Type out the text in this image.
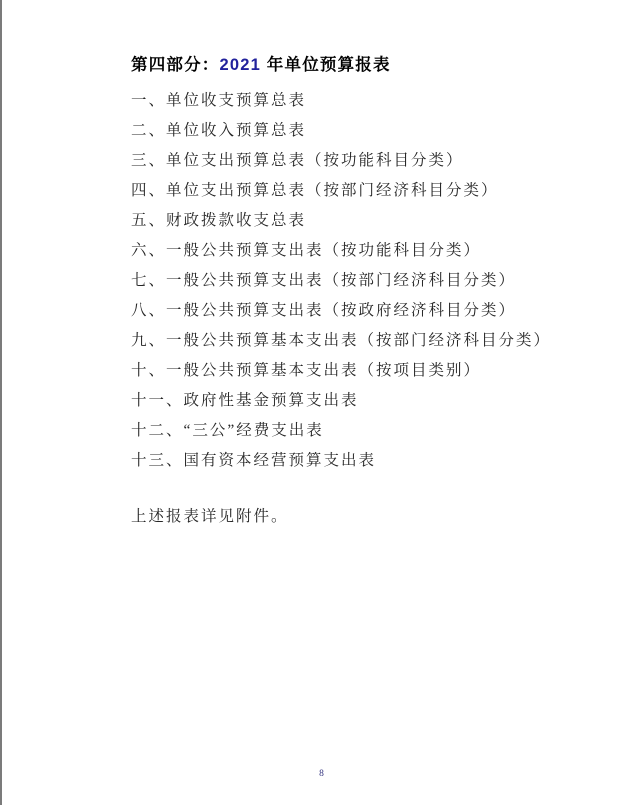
第四部分：2021 年单位预算报表
一、单位收支预算总表
二、单位收入预算总表
三、单位支出预算总表（按功能科目分类）
四、单位支出预算总表（按部门经济科目分类）
五、财政拨款收支总表
六、一般公共预算支出表（按功能科目分类）
七、一般公共预算支出表（按部门经济科目分类）
八、一般公共预算支出表（按政府经济科目分类）
九、一般公共预算基本支出表（按部门经济科目分类）
十、一般公共预算基本支出表（按项目类别）
十一、政府性基金预算支出表
十二、“三公”经费支出表
十三、国有资本经营预算支出表

上述报表详见附件。

8
